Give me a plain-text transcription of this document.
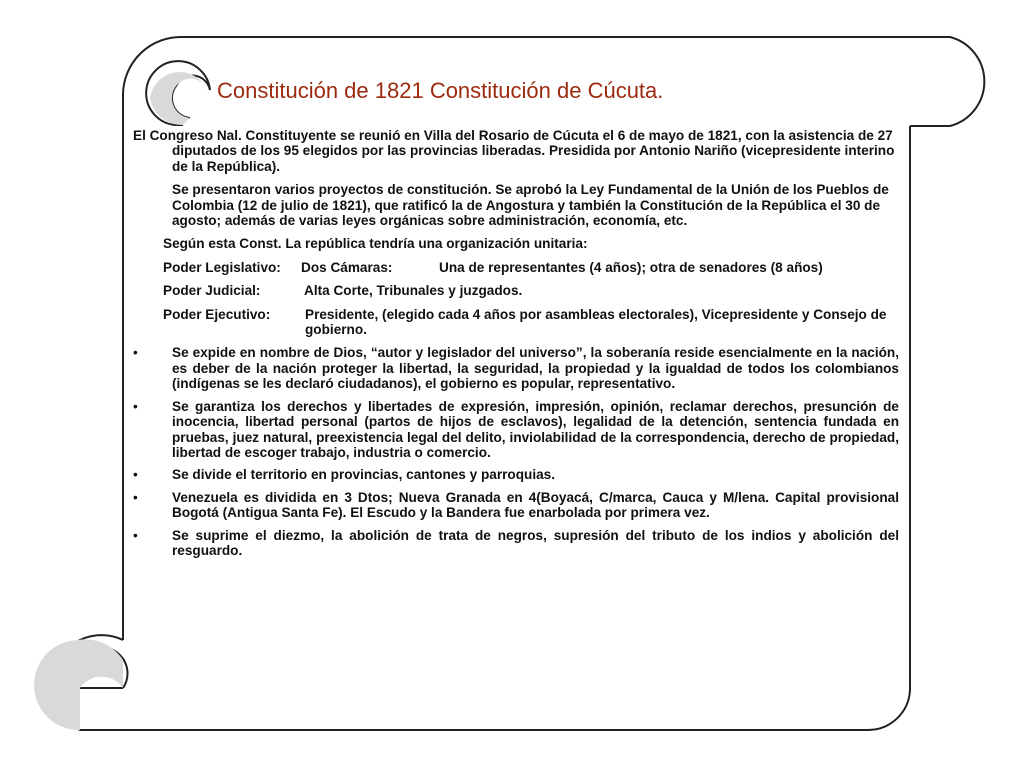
Constitución de 1821 Constitución de Cúcuta.

El Congreso Nal. Constituyente se reunió en Villa del Rosario de Cúcuta el 6 de mayo de 1821, con la asistencia de 27 diputados de los 95 elegidos por las provincias liberadas. Presidida por Antonio Nariño (vicepresidente interino de la República).

Se presentaron varios proyectos de constitución. Se aprobó la Ley Fundamental de la Unión de los Pueblos de Colombia (12 de julio de 1821), que ratificó la de Angostura y también la Constitución de la República el 30 de agosto; además de varias leyes orgánicas sobre administración, economía, etc.

Según esta Const. La república tendría una organización unitaria:

Poder Legislativo: Dos Cámaras:	Una de representantes (4 años); otra de senadores (8 años)
Poder Judicial:	Alta Corte, Tribunales y juzgados.
Poder Ejecutivo:	Presidente, (elegido cada 4 años por asambleas electorales), Vicepresidente y Consejo de gobierno.
•	Se expide en nombre de Dios, “autor y legislador del universo”, la soberanía reside esencialmente en la nación, es deber de la nación proteger la libertad, la seguridad, la propiedad y la igualdad de todos los colombianos (indígenas se les declaró ciudadanos), el gobierno es popular, representativo.
•	Se garantiza los derechos y libertades de expresión, impresión, opinión, reclamar derechos, presunción de inocencia, libertad personal (partos de hijos de esclavos), legalidad de la detención, sentencia fundada en pruebas, juez natural, preexistencia legal del delito, inviolabilidad de la correspondencia, derecho de propiedad, libertad de escoger trabajo, industria o comercio.
•	Se divide el territorio en provincias, cantones y parroquias.
•	Venezuela es dividida en 3 Dtos; Nueva Granada en 4(Boyacá, C/marca, Cauca y M/lena. Capital provisional Bogotá (Antigua Santa Fe). El Escudo y la Bandera fue enarbolada por primera vez.
•	Se suprime el diezmo, la abolición de trata de negros, supresión del tributo de los indios y abolición del resguardo.
